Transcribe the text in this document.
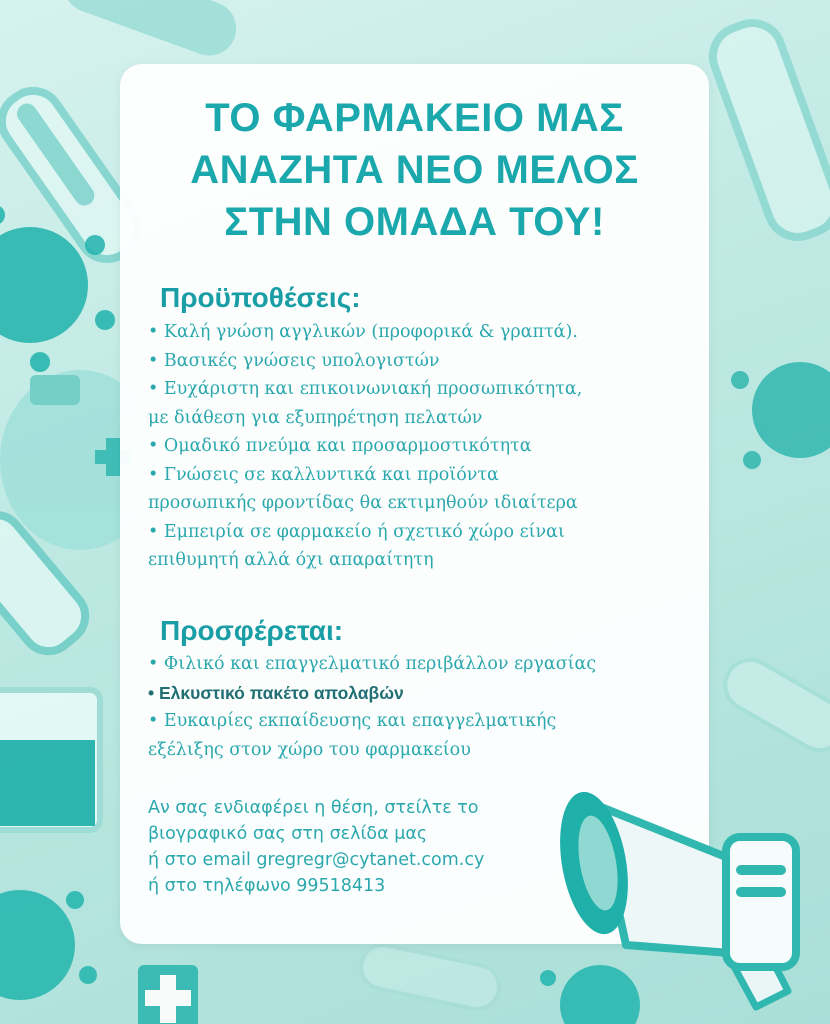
ΤΟ ΦΑΡΜΑΚΕΙΟ ΜΑΣ
ΑΝΑΖΗΤΑ ΝΕΟ ΜΕΛΟΣ
ΣΤΗΝ ΟΜΑΔΑ ΤΟΥ!
Προϋποθέσεις:
• Καλή γνώση αγγλικών (προφορικά & γραπτά).
• Βασικές γνώσεις υπολογιστών
• Ευχάριστη και επικοινωνιακή προσωπικότητα,
με διάθεση για εξυπηρέτηση πελατών
• Ομαδικό πνεύμα και προσαρμοστικότητα
• Γνώσεις σε καλλυντικά και προϊόντα
προσωπικής φροντίδας θα εκτιμηθούν ιδιαίτερα
• Εμπειρία σε φαρμακείο ή σχετικό χώρο είναι
επιθυμητή αλλά όχι απαραίτητη
Προσφέρεται:
• Φιλικό και επαγγελματικό περιβάλλον εργασίας
• Ελκυστικό πακέτο απολαβών
• Ευκαιρίες εκπαίδευσης και επαγγελματικής
εξέλιξης στον χώρο του φαρμακείου
Αν σας ενδιαφέρει η θέση, στείλτε το
βιογραφικό σας στη σελίδα μας
ή στο email gregregr@cytanet.com.cy
ή στο τηλέφωνο 99518413
